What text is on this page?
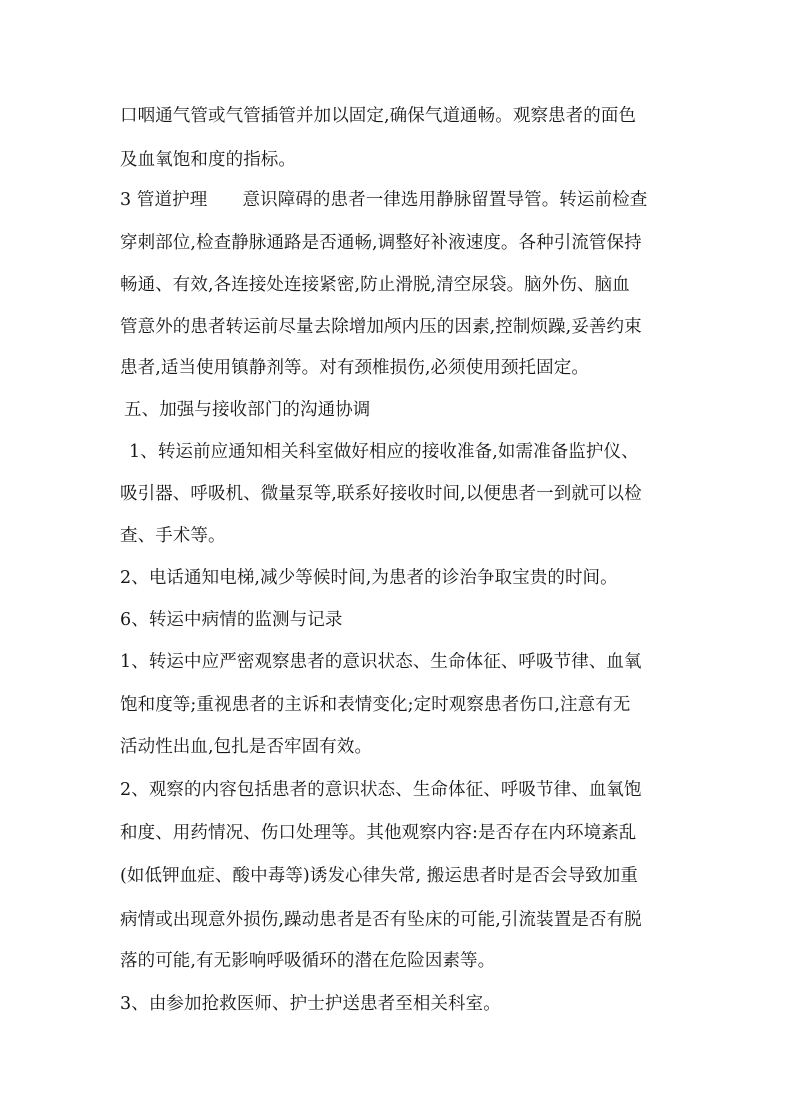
口咽通气管或气管插管并加以固定,确保气道通畅。观察患者的面色

及血氧饱和度的指标。

3 管道护理　　意识障碍的患者一律选用静脉留置导管。转运前检查

穿刺部位,检查静脉通路是否通畅,调整好补液速度。各种引流管保持

畅通、有效,各连接处连接紧密,防止滑脱,清空尿袋。脑外伤、脑血

管意外的患者转运前尽量去除增加颅内压的因素,控制烦躁,妥善约束

患者,适当使用镇静剂等。对有颈椎损伤,必须使用颈托固定。

五、加强与接收部门的沟通协调

1、转运前应通知相关科室做好相应的接收准备,如需准备监护仪、

吸引器、呼吸机、微量泵等,联系好接收时间,以便患者一到就可以检

查、手术等。

2、电话通知电梯,减少等候时间,为患者的诊治争取宝贵的时间。

6、转运中病情的监测与记录

1、转运中应严密观察患者的意识状态、生命体征、呼吸节律、血氧

饱和度等;重视患者的主诉和表情变化;定时观察患者伤口,注意有无

活动性出血,包扎是否牢固有效。

2、观察的内容包括患者的意识状态、生命体征、呼吸节律、血氧饱

和度、用药情况、伤口处理等。其他观察内容:是否存在内环境紊乱

(如低钾血症、酸中毒等)诱发心律失常, 搬运患者时是否会导致加重

病情或出现意外损伤,躁动患者是否有坠床的可能,引流装置是否有脱

落的可能,有无影响呼吸循环的潜在危险因素等。

3、由参加抢救医师、护士护送患者至相关科室。
